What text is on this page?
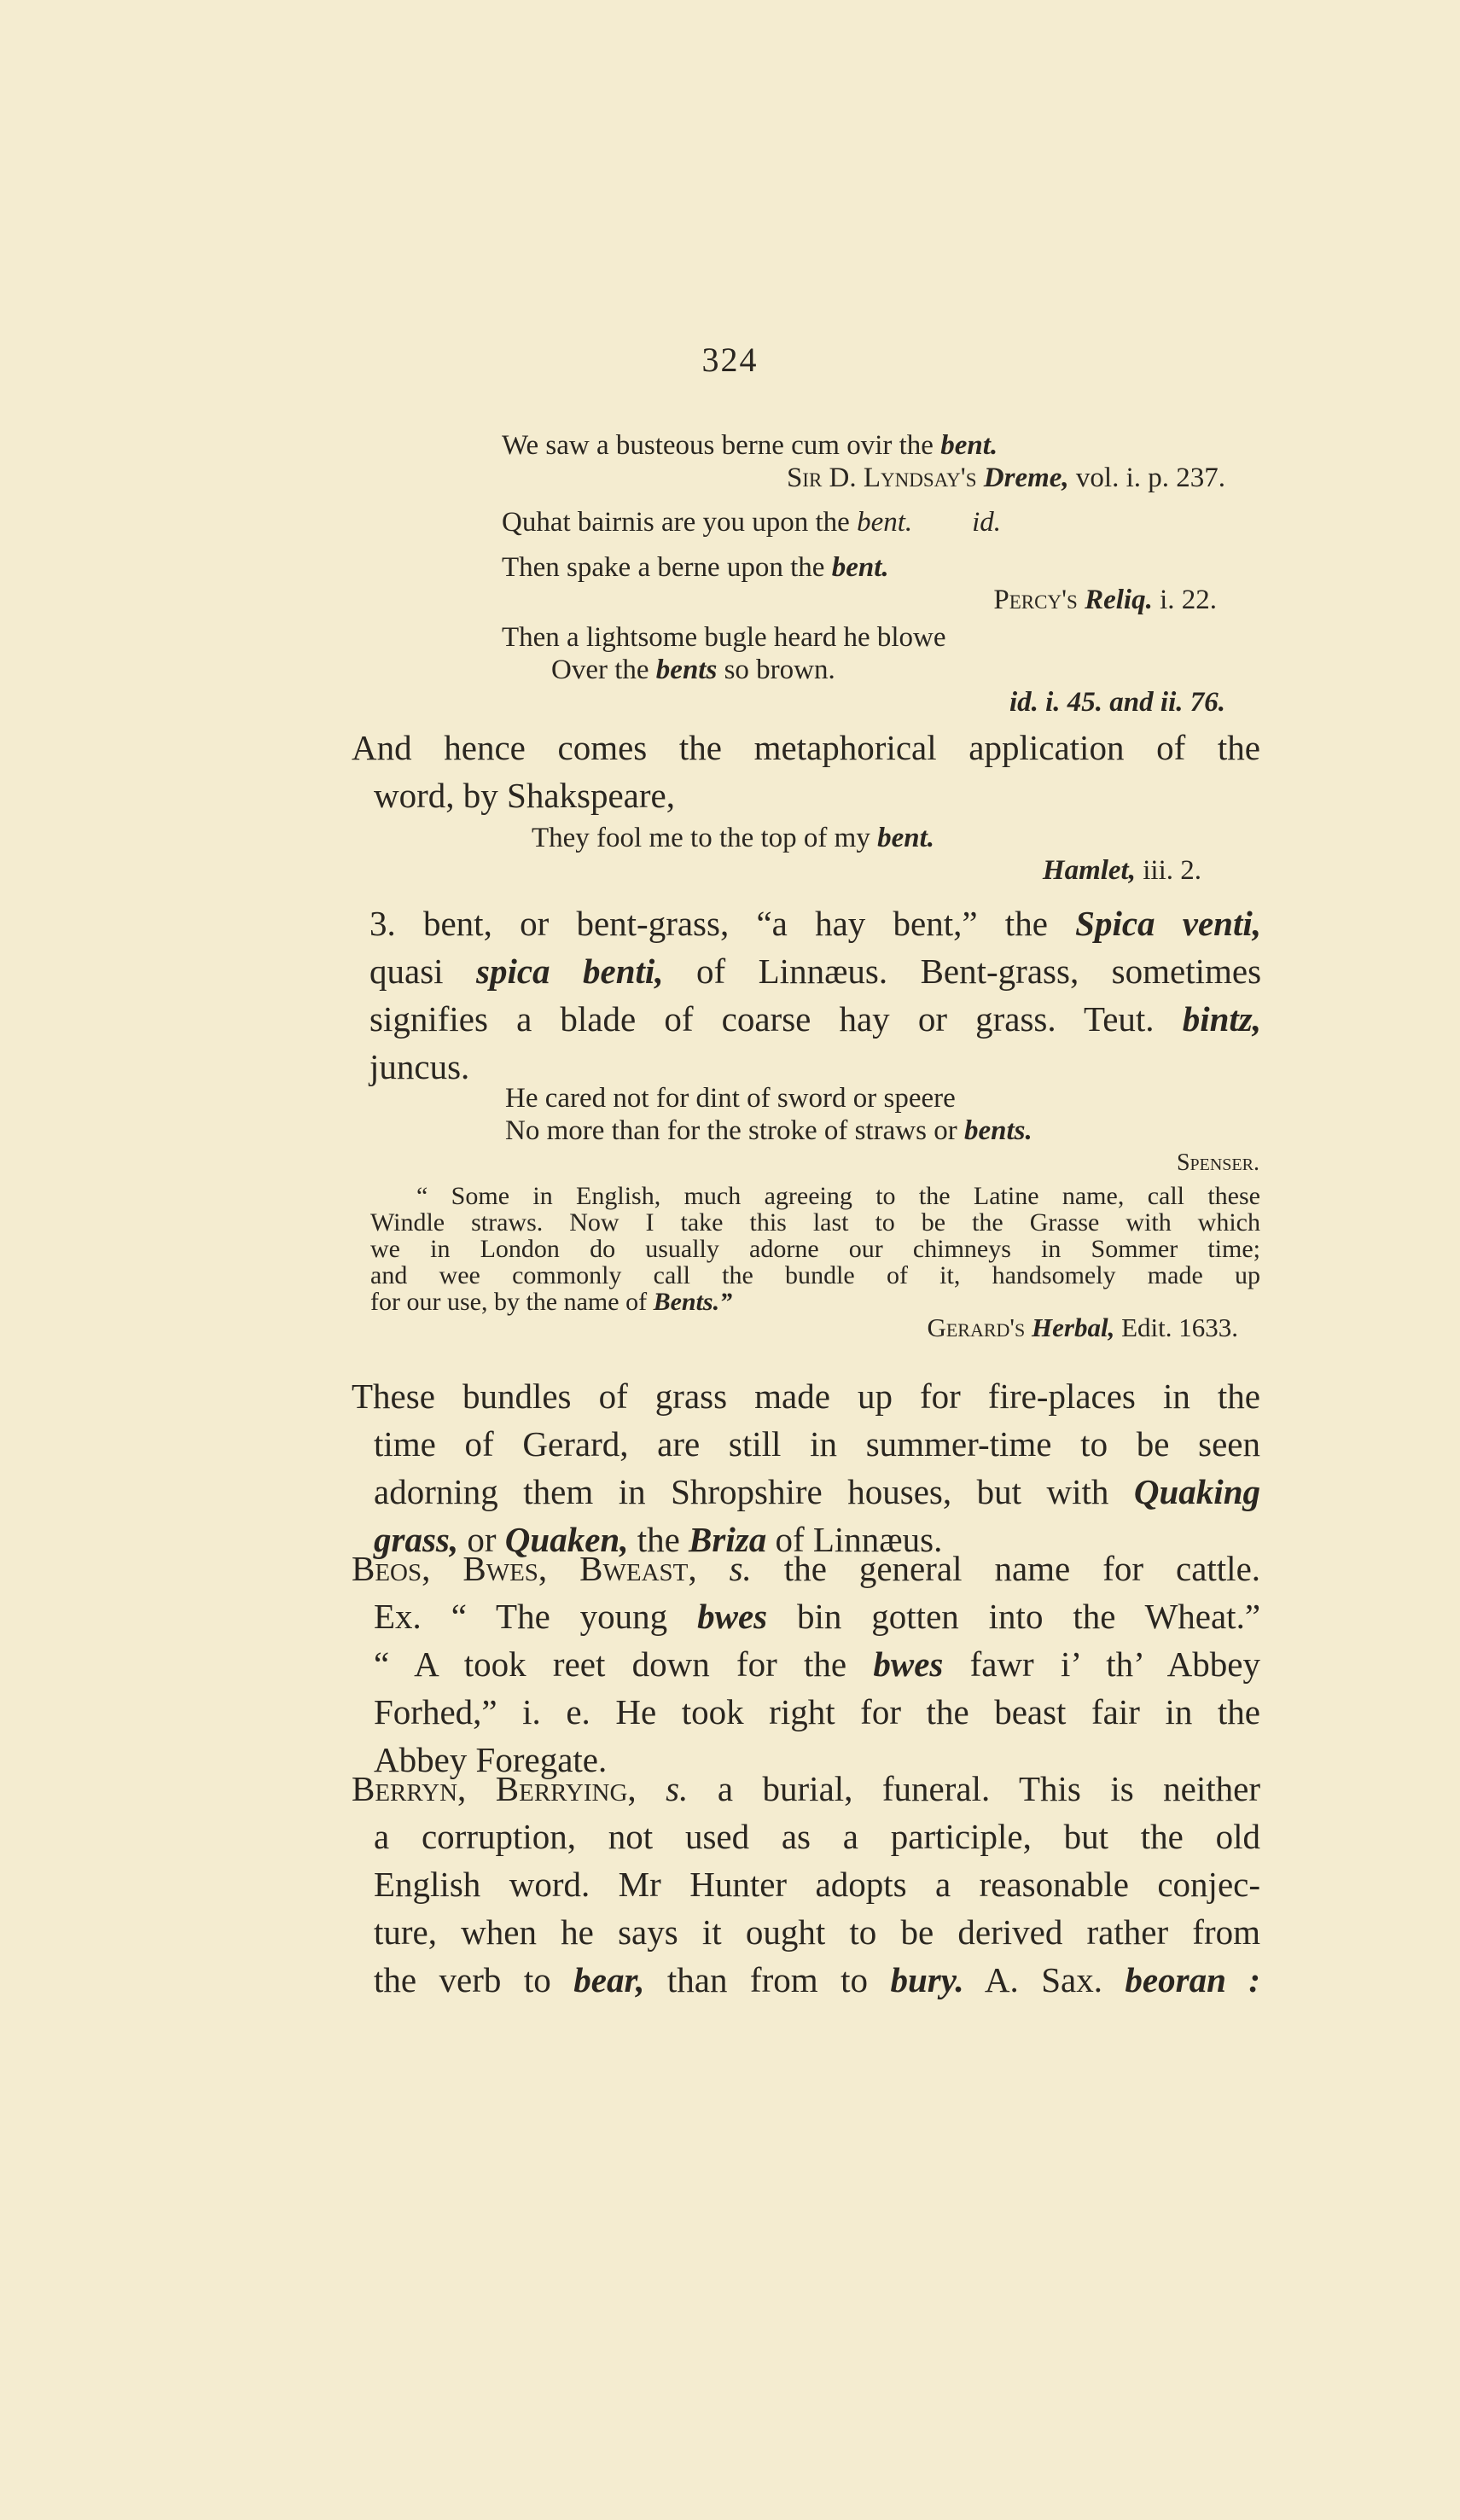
324

We saw a busteous berne cum ovir the bent.

Sir D. Lyndsay's Dreme, vol. i. p. 237.

Quhat bairnis are you upon the bent. id.

Then spake a berne upon the bent.

Percy's Reliq. i. 22.

Then a lightsome bugle heard he blowe

Over the bents so brown.

id. i. 45. and ii. 76.

And hence comes the metaphorical application of the

word, by Shakspeare,

They fool me to the top of my bent.

Hamlet, iii. 2.

3. bent, or bent-grass, “a hay bent,” the Spica venti,

quasi spica benti, of Linnæus. Bent-grass, sometimes

signifies a blade of coarse hay or grass. Teut. bintz,

juncus.

He cared not for dint of sword or speere

No more than for the stroke of straws or bents.

Spenser.

“ Some in English, much agreeing to the Latine name, call these

Windle straws. Now I take this last to be the Grasse with which

we in London do usually adorne our chimneys in Sommer time;

and wee commonly call the bundle of it, handsomely made up

for our use, by the name of Bents.”

Gerard's Herbal, Edit. 1633.

These bundles of grass made up for fire-places in the

time of Gerard, are still in summer-time to be seen

adorning them in Shropshire houses, but with Quaking

grass, or Quaken, the Briza of Linnæus.

Beos, Bwes, Bweast, s. the general name for cattle.

Ex. “ The young bwes bin gotten into the Wheat.”

“ A took reet down for the bwes fawr i’ th’ Abbey

Forhed,” i. e. He took right for the beast fair in the

Abbey Foregate.

Berryn, Berrying, s. a burial, funeral. This is neither

a corruption, not used as a participle, but the old

English word. Mr Hunter adopts a reasonable conjec-

ture, when he says it ought to be derived rather from

the verb to bear, than from to bury. A. Sax. beoran :
